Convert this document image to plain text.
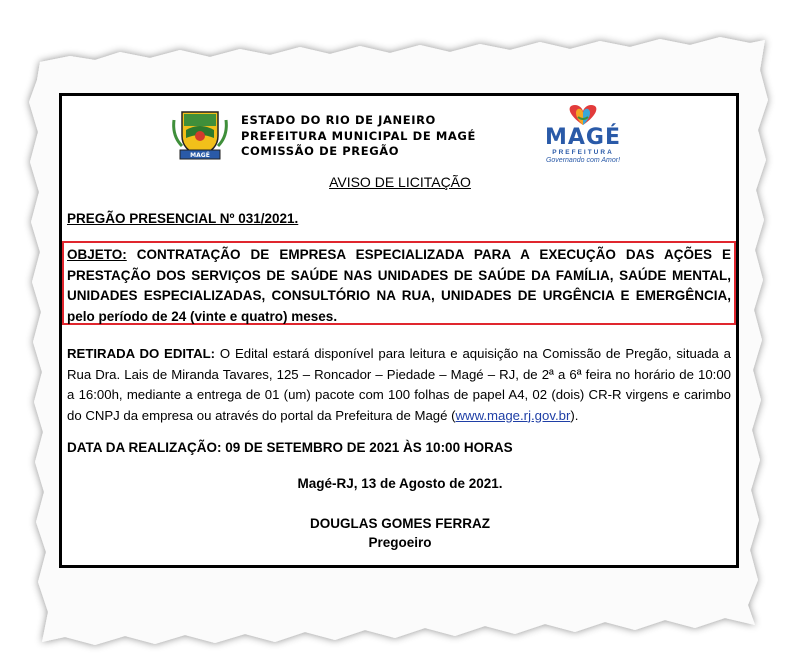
MAGÉ
ESTADO DO RIO DE JANEIRO
PREFEITURA MUNICIPAL DE MAGÉ
COMISSÃO DE PREGÃO
MAGÉ
PREFEITURA
Governando com Amor!
AVISO DE LICITAÇÃO
PREGÃO PRESENCIAL Nº 031/2021.
OBJETO: CONTRATAÇÃO DE EMPRESA ESPECIALIZADA PARA A EXECUÇÃO DAS AÇÕES E PRESTAÇÃO DOS SERVIÇOS DE SAÚDE NAS UNIDADES DE SAÚDE DA FAMÍLIA, SAÚDE MENTAL, UNIDADES ESPECIALIZADAS, CONSULTÓRIO NA RUA, UNIDADES DE URGÊNCIA E EMERGÊNCIA, pelo período de 24 (vinte e quatro) meses.
RETIRADA DO EDITAL: O Edital estará disponível para leitura e aquisição na Comissão de Pregão, situada a Rua Dra. Lais de Miranda Tavares, 125 – Roncador – Piedade – Magé – RJ, de 2ª a 6ª feira no horário de 10:00 a 16:00h, mediante a entrega de 01 (um) pacote com 100 folhas de papel A4, 02 (dois) CR-R virgens e carimbo do CNPJ da empresa ou através do portal da Prefeitura de Magé (www.mage.rj.gov.br).
DATA DA REALIZAÇÃO: 09 DE SETEMBRO DE 2021 ÀS 10:00 HORAS
Magé-RJ, 13 de Agosto de 2021.
DOUGLAS GOMES FERRAZ
Pregoeiro
